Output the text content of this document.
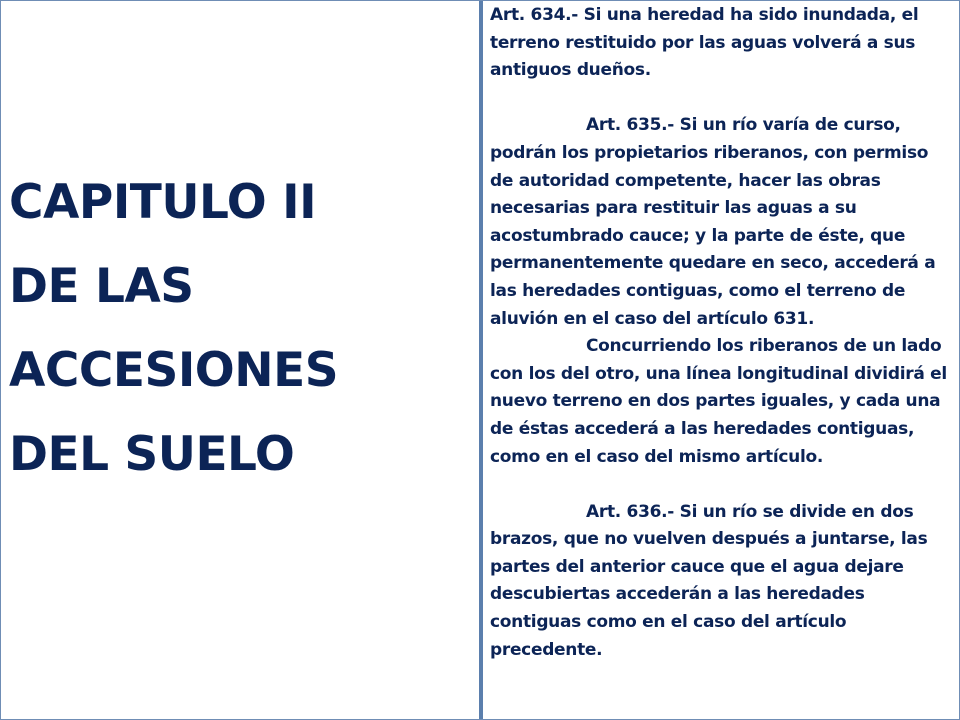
CAPITULO II
DE LAS
ACCESIONES
DEL SUELO

Art. 634.- Si una heredad ha sido inundada, el terreno restituido por las aguas volverá a sus antiguos dueños.

Art. 635.- Si un río varía de curso, podrán los propietarios riberanos, con permiso de autoridad competente, hacer las obras necesarias para restituir las aguas a su acostumbrado cauce; y la parte de éste, que permanentemente quedare en seco, accederá a las heredades contiguas, como el terreno de aluvión en el caso del artículo 631.

Concurriendo los riberanos de un lado con los del otro, una línea longitudinal dividirá el nuevo terreno en dos partes iguales, y cada una de éstas accederá a las heredades contiguas, como en el caso del mismo artículo.

Art. 636.- Si un río se divide en dos brazos, que no vuelven después a juntarse, las partes del anterior cauce que el agua dejare descubiertas accederán a las heredades contiguas como en el caso del artículo precedente.
